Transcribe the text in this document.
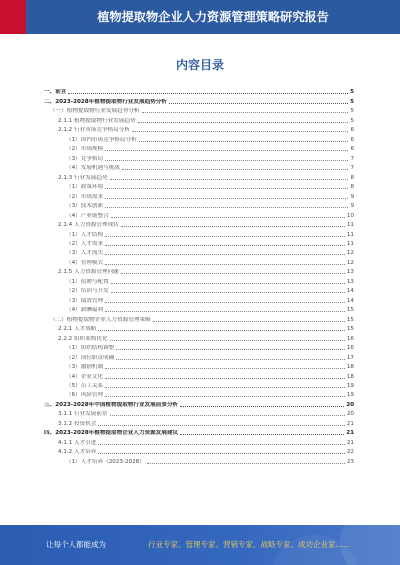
植物提取物企业人力资源管理策略研究报告
内容目录
一、前言	5
二、2023-2028年植物提取物行业发展趋势分析	5
（一）植物提取物行业发展趋势分析	5
2.1.1 植物提取物行业发展趋势	5
2.1.2 行业市场竞争格局分析	6
（1）国内市场竞争格局分析	6
（2）市场规模	6
（3）竞争格局	7
（4）发展机遇与挑战	7
2.1.3 行业发展趋势	8
（1）政策环境	8
（2）市场需求	9
（3）技术创新	9
（4）产业链整合	10
2.1.4 人力资源管理现状	11
（1）人才结构	11
（2）人才需求	11
（3）人才流失	12
（4）管理模式	12
2.1.5 人力资源管理问题	13
（1）招聘与配置	13
（2）培训与开发	14
（3）绩效管理	14
（4）薪酬福利	15
（二）植物提取物企业人力资源管理策略	15
2.2.1 人才战略	15
2.2.2 组织架构优化	16
（1）组织结构调整	16
（2）岗位职责明确	17
（3）激励机制	18
（4）企业文化	18
（5）员工关系	19
（6）风险管理	19
三、2023-2028年中国植物提取物行业发展前景分析	20
3.1.1 行业发展前景	20
3.1.2 投资机会	21
四、2023-2028年植物提取物企业人力资源发展建议	21
4.1.1 人才引进	21
4.1.2 人才培养	22
（1）人才培养（2023-2028）	23
让每个人都能成为	行业专家、管理专家、营销专家、战略专家、成功企业家……
